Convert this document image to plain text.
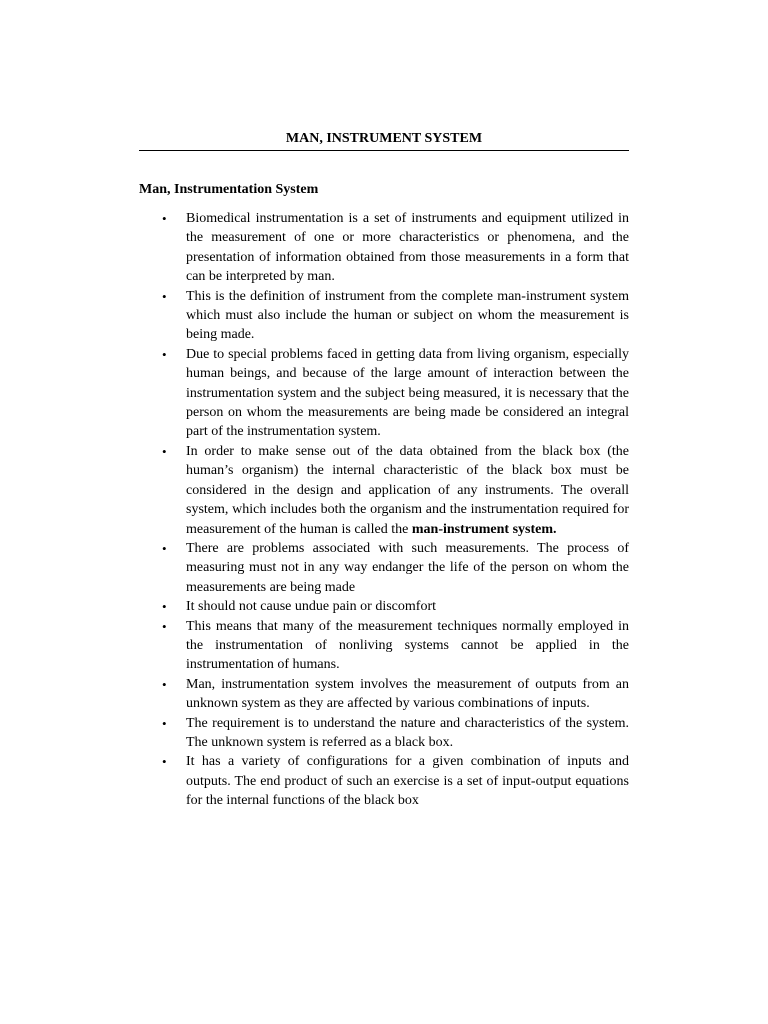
MAN, INSTRUMENT SYSTEM
Man, Instrumentation System
• Biomedical instrumentation is a set of instruments and equipment utilized in the measurement of one or more characteristics or phenomena, and the presentation of information obtained from those measurements in a form that can be interpreted by man.
• This is the definition of instrument from the complete man-instrument system which must also include the human or subject on whom the measurement is being made.
• Due to special problems faced in getting data from living organism, especially human beings, and because of the large amount of interaction between the instrumentation system and the subject being measured, it is necessary that the person on whom the measurements are being made be considered an integral part of the instrumentation system.
• In order to make sense out of the data obtained from the black box (the human’s organism) the internal characteristic of the black box must be considered in the design and application of any instruments. The overall system, which includes both the organism and the instrumentation required for measurement of the human is called the man-instrument system.
• There are problems associated with such measurements. The process of measuring must not in any way endanger the life of the person on whom the measurements are being made
• It should not cause undue pain or discomfort
• This means that many of the measurement techniques normally employed in the instrumentation of nonliving systems cannot be applied in the instrumentation of humans.
• Man, instrumentation system involves the measurement of outputs from an unknown system as they are affected by various combinations of inputs.
• The requirement is to understand the nature and characteristics of the system. The unknown system is referred as a black box.
• It has a variety of configurations for a given combination of inputs and outputs. The end product of such an exercise is a set of input-output equations for the internal functions of the black box
